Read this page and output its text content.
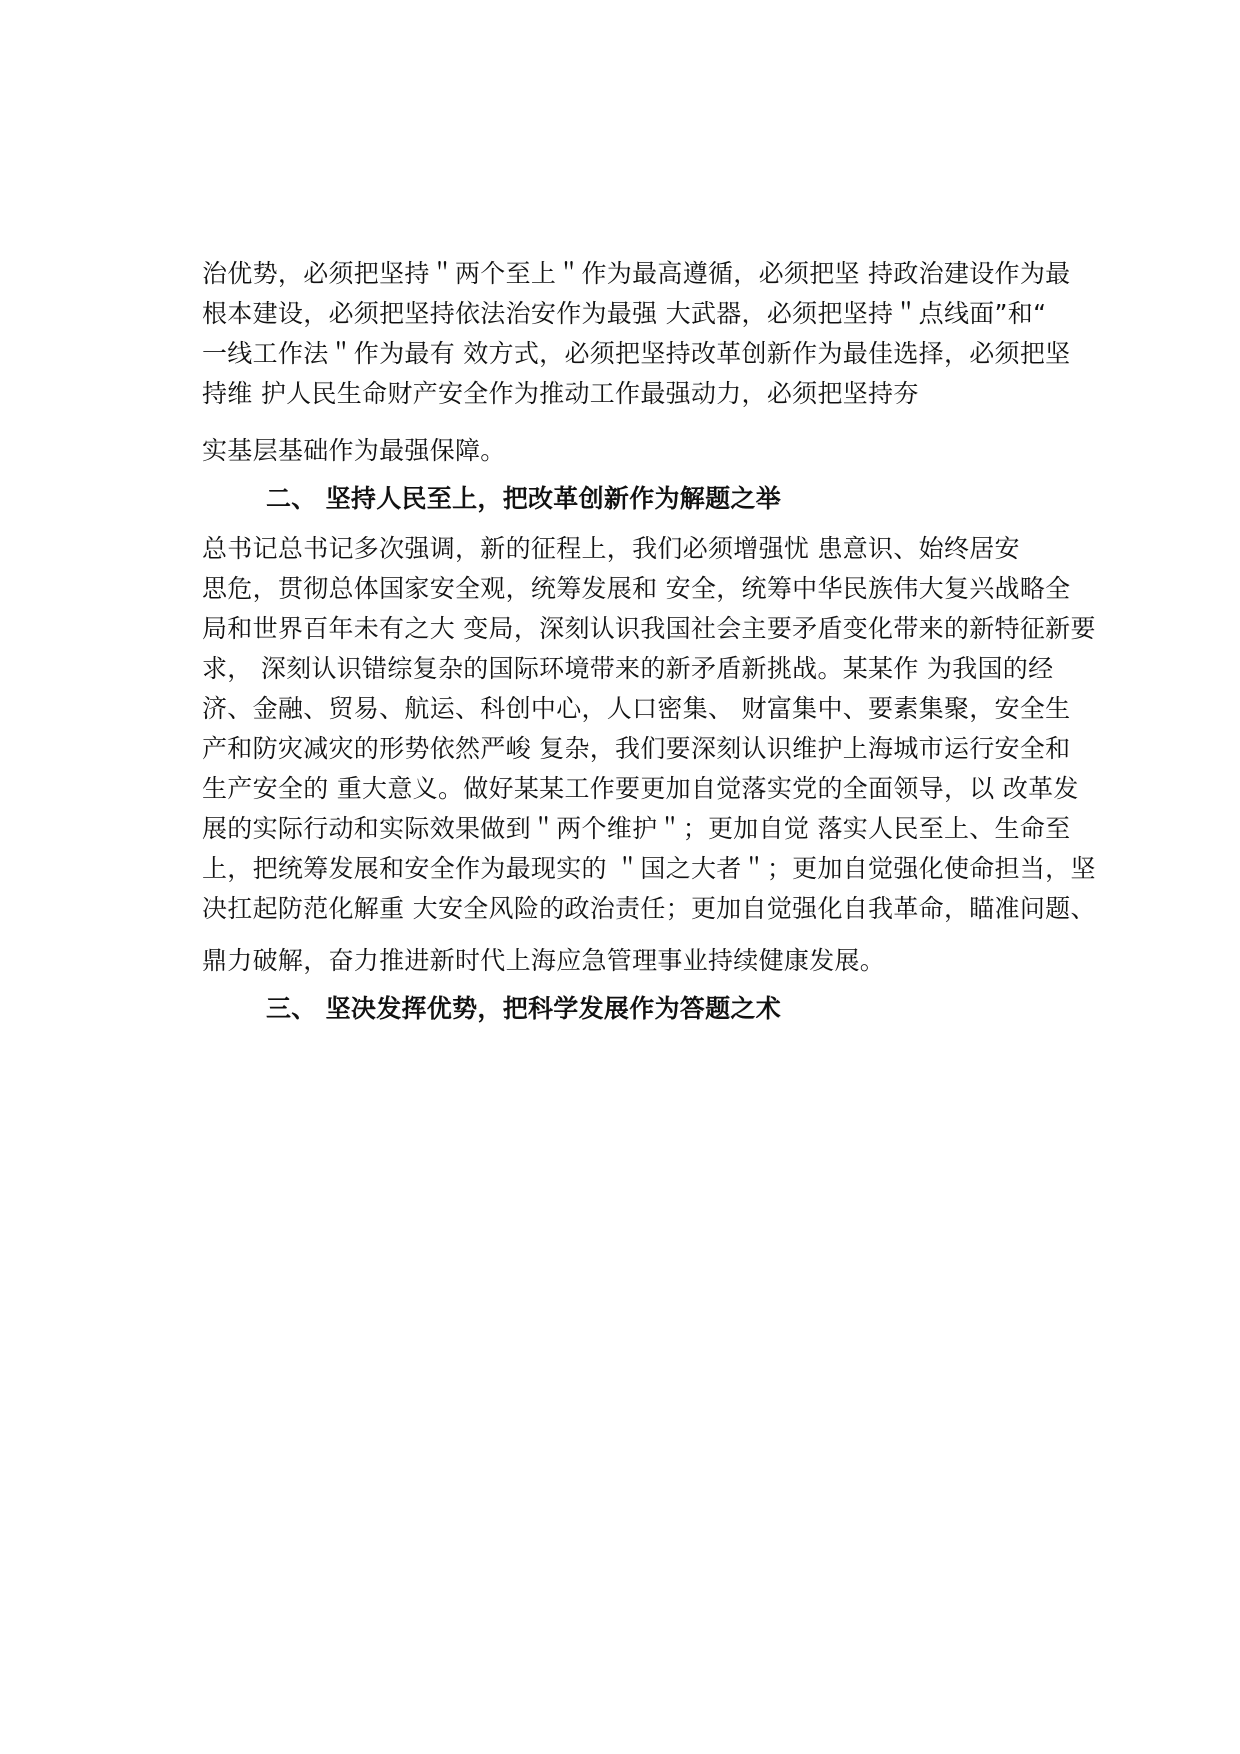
治优势，必须把坚持＂两个至上＂作为最高遵循，必须把坚 持政治建设作为最
根本建设，必须把坚持依法治安作为最强 大武器，必须把坚持＂点线面”和“
一线工作法＂作为最有 效方式，必须把坚持改革创新作为最佳选择，必须把坚
持维 护人民生命财产安全作为推动工作最强动力，必须把坚持夯
实基层基础作为最强保障。
二、 坚持人民至上，把改革创新作为解题之举
总书记总书记多次强调，新的征程上，我们必须增强忧 患意识、始终居安
思危，贯彻总体国家安全观，统筹发展和 安全，统筹中华民族伟大复兴战略全
局和世界百年未有之大 变局，深刻认识我国社会主要矛盾变化带来的新特征新要
求， 深刻认识错综复杂的国际环境带来的新矛盾新挑战。某某作 为我国的经
济、金融、贸易、航运、科创中心，人口密集、 财富集中、要素集聚，安全生
产和防灾减灾的形势依然严峻 复杂，我们要深刻认识维护上海城市运行安全和
生产安全的 重大意义。做好某某工作要更加自觉落实党的全面领导，以 改革发
展的实际行动和实际效果做到＂两个维护＂；更加自觉 落实人民至上、生命至
上，把统筹发展和安全作为最现实的 ＂国之大者＂；更加自觉强化使命担当，坚
决扛起防范化解重 大安全风险的政治责任；更加自觉强化自我革命，瞄准问题、
鼎力破解，奋力推进新时代上海应急管理事业持续健康发展。
三、 坚决发挥优势，把科学发展作为答题之术
